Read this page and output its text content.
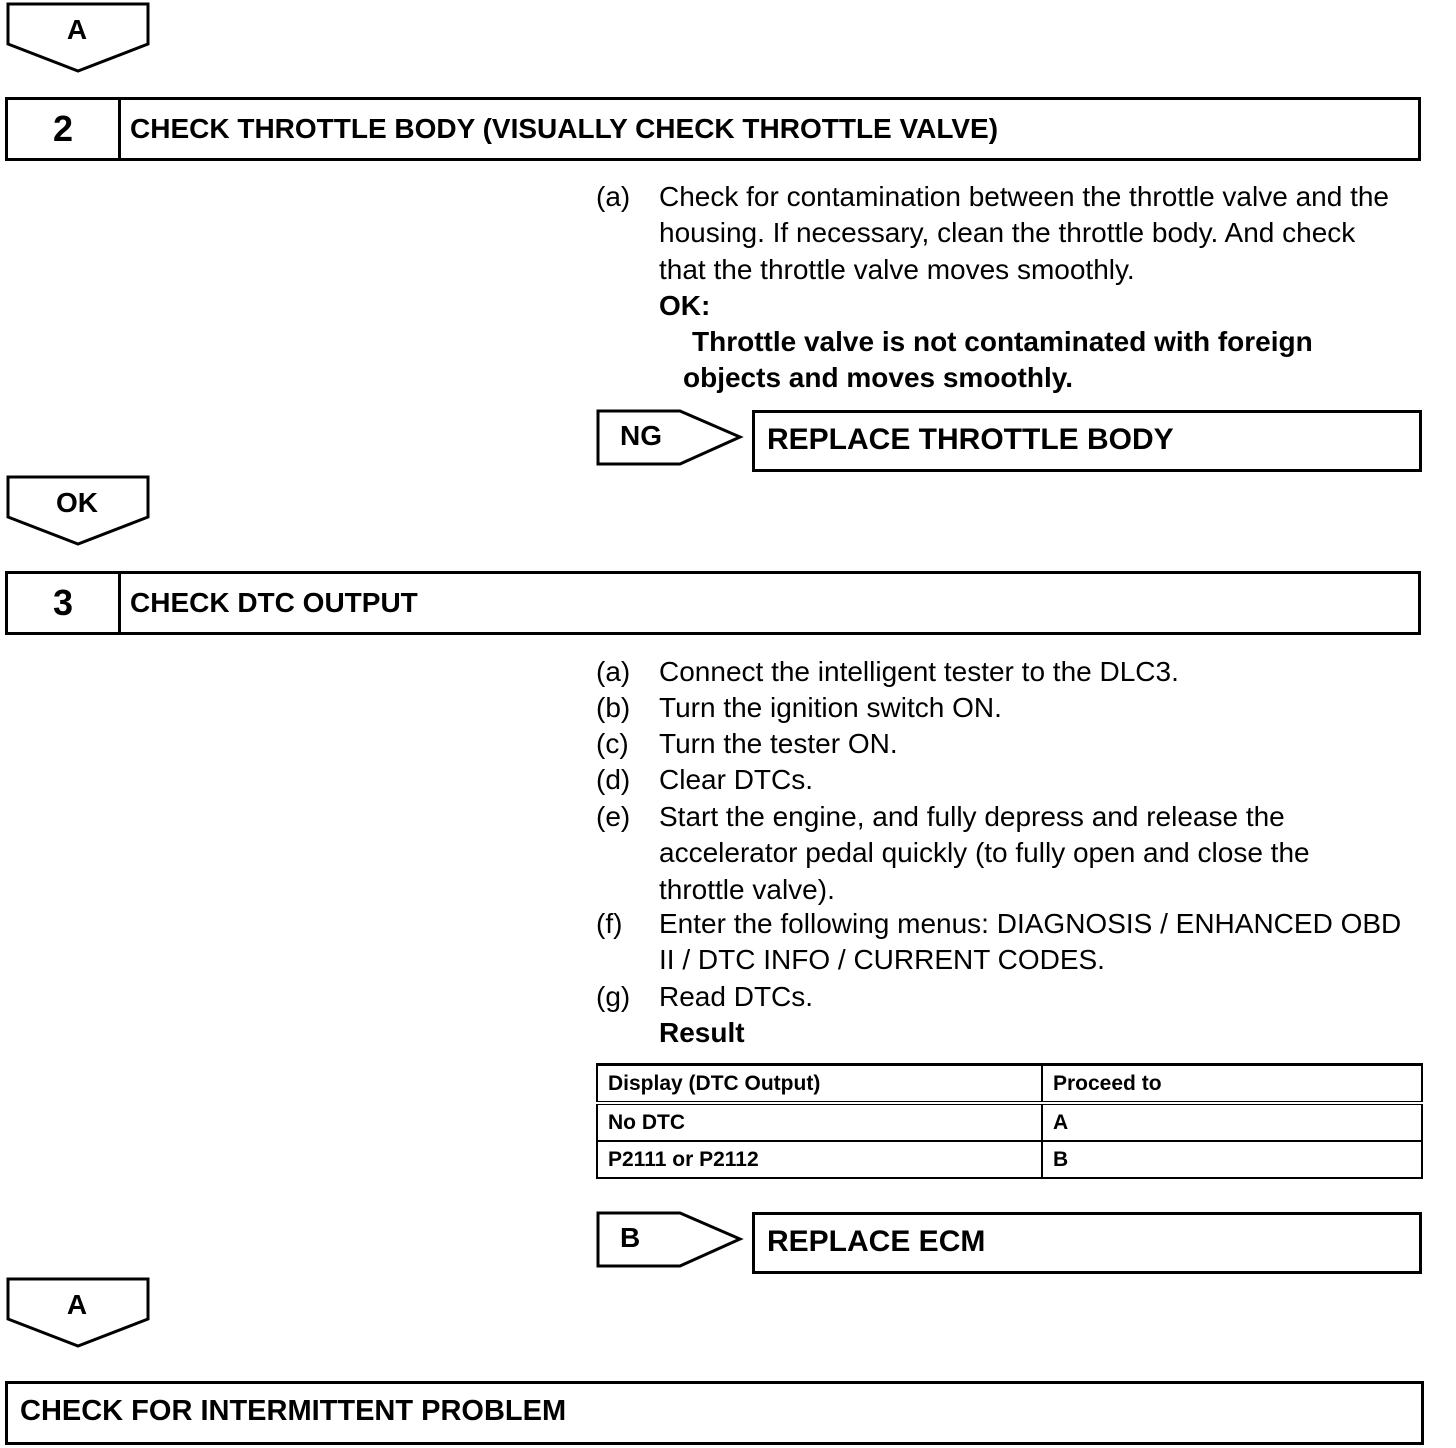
A
2	CHECK THROTTLE BODY (VISUALLY CHECK THROTTLE VALVE)
(a) Check for contamination between the throttle valve and the housing. If necessary, clean the throttle body. And check that the throttle valve moves smoothly.
OK:
Throttle valve is not contaminated with foreign
objects and moves smoothly.
NG	REPLACE THROTTLE BODY
OK
3	CHECK DTC OUTPUT
(a) Connect the intelligent tester to the DLC3.
(b) Turn the ignition switch ON.
(c) Turn the tester ON.
(d) Clear DTCs.
(e) Start the engine, and fully depress and release the accelerator pedal quickly (to fully open and close the throttle valve).
(f) Enter the following menus: DIAGNOSIS / ENHANCED OBD II / DTC INFO / CURRENT CODES.
(g) Read DTCs.
Result
Display (DTC Output)	Proceed to
No DTC	A
P2111 or P2112	B
B	REPLACE ECM
A
CHECK FOR INTERMITTENT PROBLEM
